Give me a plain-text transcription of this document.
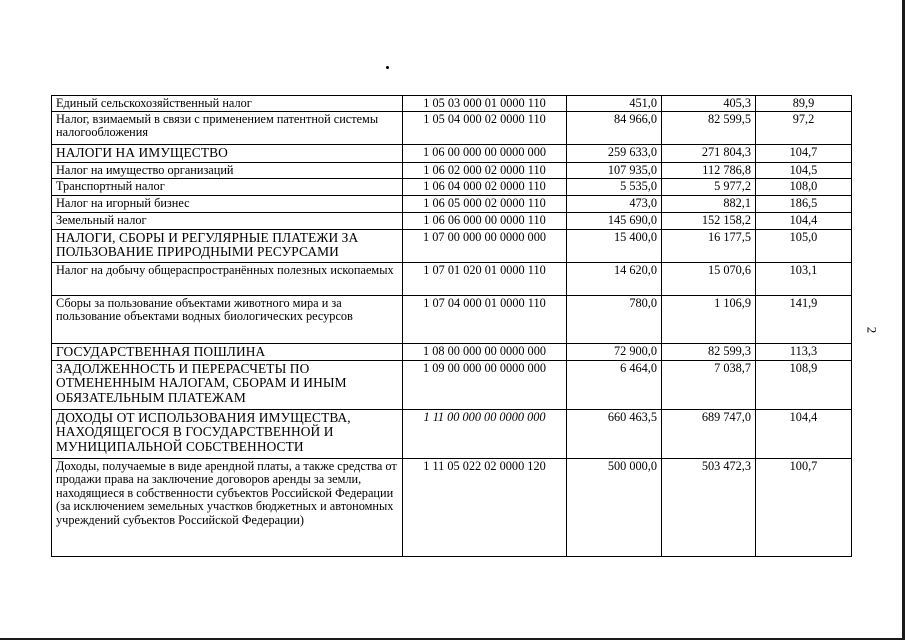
2
Единый сельскохозяйственный налог	1 05 03 000 01 0000 110	451,0	405,3	89,9
Налог, взимаемый в связи с применением патентной системы налогообложения	1 05 04 000 02 0000 110	84 966,0	82 599,5	97,2
НАЛОГИ НА ИМУЩЕСТВО	1 06 00 000 00 0000 000	259 633,0	271 804,3	104,7
Налог на имущество организаций	1 06 02 000 02 0000 110	107 935,0	112 786,8	104,5
Транспортный налог	1 06 04 000 02 0000 110	5 535,0	5 977,2	108,0
Налог на игорный бизнес	1 06 05 000 02 0000 110	473,0	882,1	186,5
Земельный налог	1 06 06 000 00 0000 110	145 690,0	152 158,2	104,4
НАЛОГИ, СБОРЫ И РЕГУЛЯРНЫЕ ПЛАТЕЖИ ЗА ПОЛЬЗОВАНИЕ ПРИРОДНЫМИ РЕСУРСАМИ	1 07 00 000 00 0000 000	15 400,0	16 177,5	105,0
Налог на добычу общераспространённых полезных ископаемых	1 07 01 020 01 0000 110	14 620,0	15 070,6	103,1
Сборы за пользование объектами животного мира и за пользование объектами водных биологических ресурсов	1 07 04 000 01 0000 110	780,0	1 106,9	141,9
ГОСУДАРСТВЕННАЯ ПОШЛИНА	1 08 00 000 00 0000 000	72 900,0	82 599,3	113,3
ЗАДОЛЖЕННОСТЬ И ПЕРЕРАСЧЕТЫ ПО ОТМЕНЕННЫМ НАЛОГАМ, СБОРАМ И ИНЫМ ОБЯЗАТЕЛЬНЫМ ПЛАТЕЖАМ	1 09 00 000 00 0000 000	6 464,0	7 038,7	108,9
ДОХОДЫ ОТ ИСПОЛЬЗОВАНИЯ ИМУЩЕСТВА, НАХОДЯЩЕГОСЯ В ГОСУДАРСТВЕННОЙ И МУНИЦИПАЛЬНОЙ СОБСТВЕННОСТИ	1 11 00 000 00 0000 000	660 463,5	689 747,0	104,4
Доходы, получаемые в виде арендной платы, а также средства от продажи права на заключение договоров аренды за земли, находящиеся в собственности субъектов Российской Федерации (за исключением земельных участков бюджетных и автономных учреждений субъектов Российской Федерации)	1 11 05 022 02 0000 120	500 000,0	503 472,3	100,7
